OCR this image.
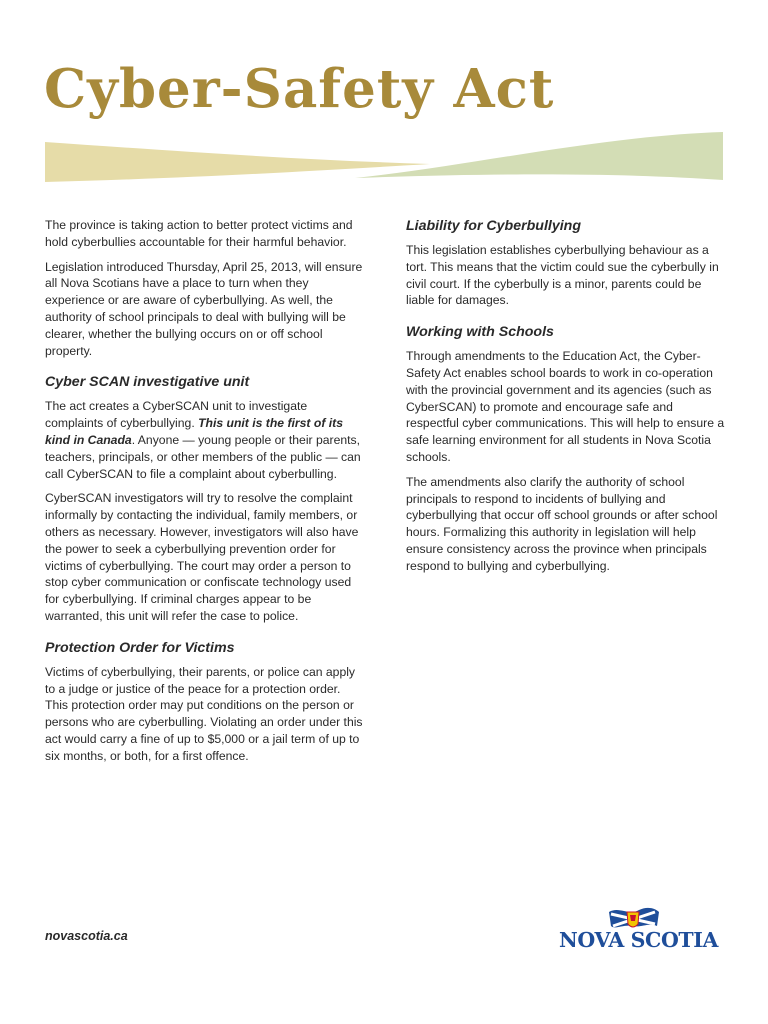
Cyber-Safety Act

The province is taking action to better protect victims and hold cyberbullies accountable for their harmful behavior.

Legislation introduced Thursday, April 25, 2013, will ensure all Nova Scotians have a place to turn when they experience or are aware of cyberbullying. As well, the authority of school principals to deal with bullying will be clearer, whether the bullying occurs on or off school property.

Cyber SCAN investigative unit

The act creates a CyberSCAN unit to investigate complaints of cyberbullying. This unit is the first of its kind in Canada. Anyone — young people or their parents, teachers, principals, or other members of the public — can call CyberSCAN to file a complaint about cyberbulling.

CyberSCAN investigators will try to resolve the complaint informally by contacting the individual, family members, or others as necessary. However, investigators will also have the power to seek a cyberbullying prevention order for victims of cyberbullying. The court may order a person to stop cyber communication or confiscate technology used for cyberbullying. If criminal charges appear to be warranted, this unit will refer the case to police.

Protection Order for Victims

Victims of cyberbullying, their parents, or police can apply to a judge or justice of the peace for a protection order. This protection order may put conditions on the person or persons who are cyberbulling. Violating an order under this act would carry a fine of up to $5,000 or a jail term of up to six months, or both, for a first offence.

Liability for Cyberbullying

This legislation establishes cyberbullying behaviour as a tort. This means that the victim could sue the cyberbully in civil court. If the cyberbully is a minor, parents could be liable for damages.

Working with Schools

Through amendments to the Education Act, the Cyber-Safety Act enables school boards to work in co-operation with the provincial government and its agencies (such as CyberSCAN) to promote and encourage safe and respectful cyber communications. This will help to ensure a safe learning environment for all students in Nova Scotia schools.

The amendments also clarify the authority of school principals to respond to incidents of bullying and cyberbullying that occur off school grounds or after school hours. Formalizing this authority in legislation will help ensure consistency across the province when principals respond to bullying and cyberbullying.

novascotia.ca	NOVA SCOTIA
